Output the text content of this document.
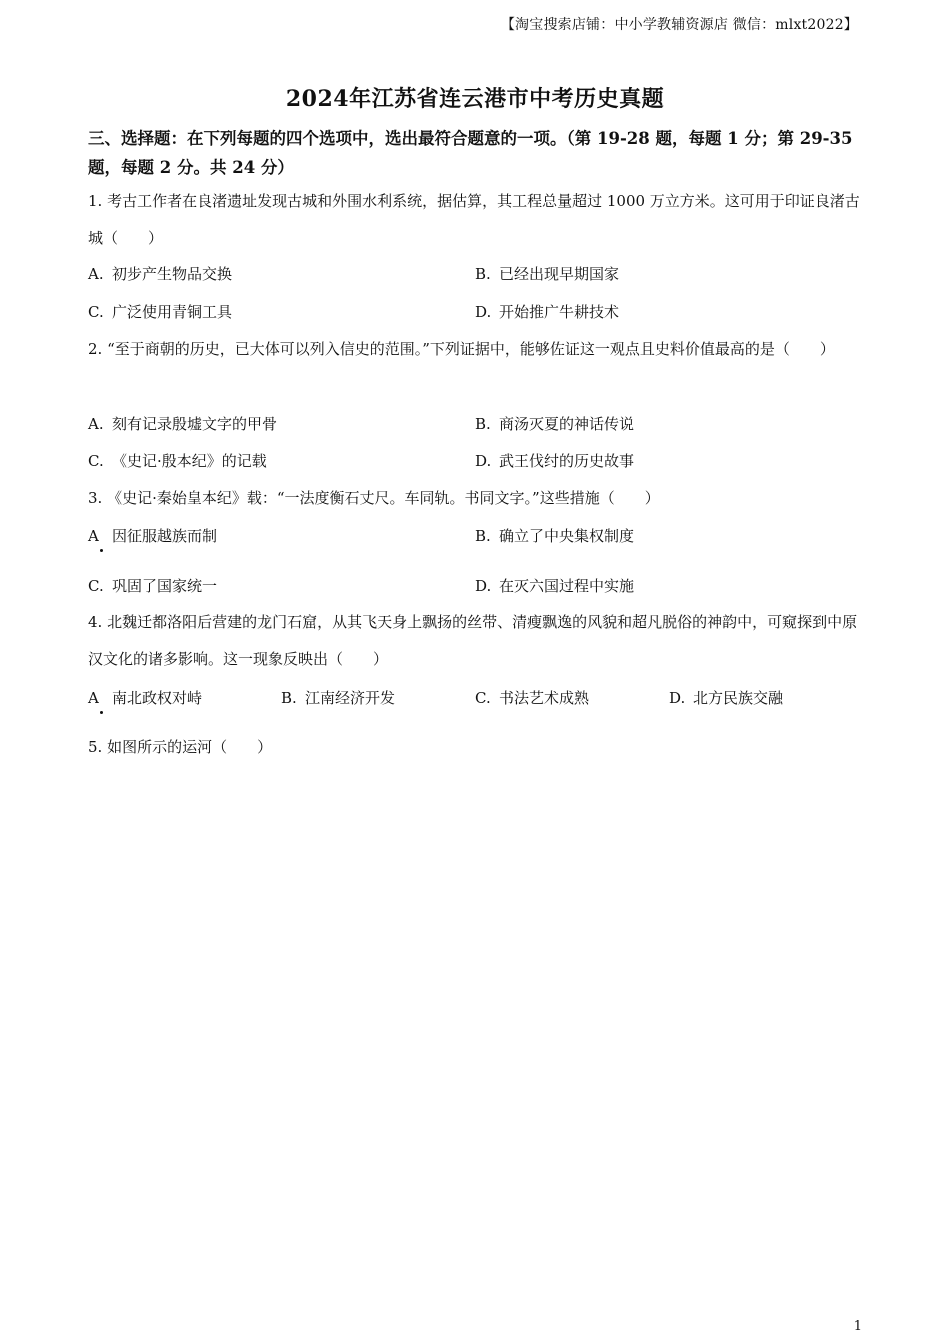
【淘宝搜索店铺：中小学教辅资源店 微信：mlxt2022】
2024年江苏省连云港市中考历史真题
三、选择题：在下列每题的四个选项中，选出最符合题意的一项。（第 19-28 题，每题 1 分；第 29-35 题，每题 2 分。共 24 分）
1. 考古工作者在良渚遗址发现古城和外围水利系统，据估算，其工程总量超过 1000 万立方米。这可用于印证良渚古城（　　）
A. 初步产生物品交换	B. 已经出现早期国家
C. 广泛使用青铜工具	D. 开始推广牛耕技术
2. “至于商朝的历史，已大体可以列入信史的范围。”下列证据中，能够佐证这一观点且史料价值最高的是（　　）
A. 刻有记录殷墟文字的甲骨	B. 商汤灭夏的神话传说
C. 《史记·殷本纪》的记载	D. 武王伐纣的历史故事
3. 《史记·秦始皇本纪》载：“一法度衡石丈尺。车同轨。书同文字。”这些措施（　　）
A 因征服越族而制	B. 确立了中央集权制度
C. 巩固了国家统一	D. 在灭六国过程中实施
4. 北魏迁都洛阳后营建的龙门石窟，从其飞天身上飘扬的丝带、清瘦飘逸的风貌和超凡脱俗的神韵中，可窥探到中原汉文化的诸多影响。这一现象反映出（　　）
A 南北政权对峙	B. 江南经济开发	C. 书法艺术成熟	D. 北方民族交融
5. 如图所示的运河（　　）
1
